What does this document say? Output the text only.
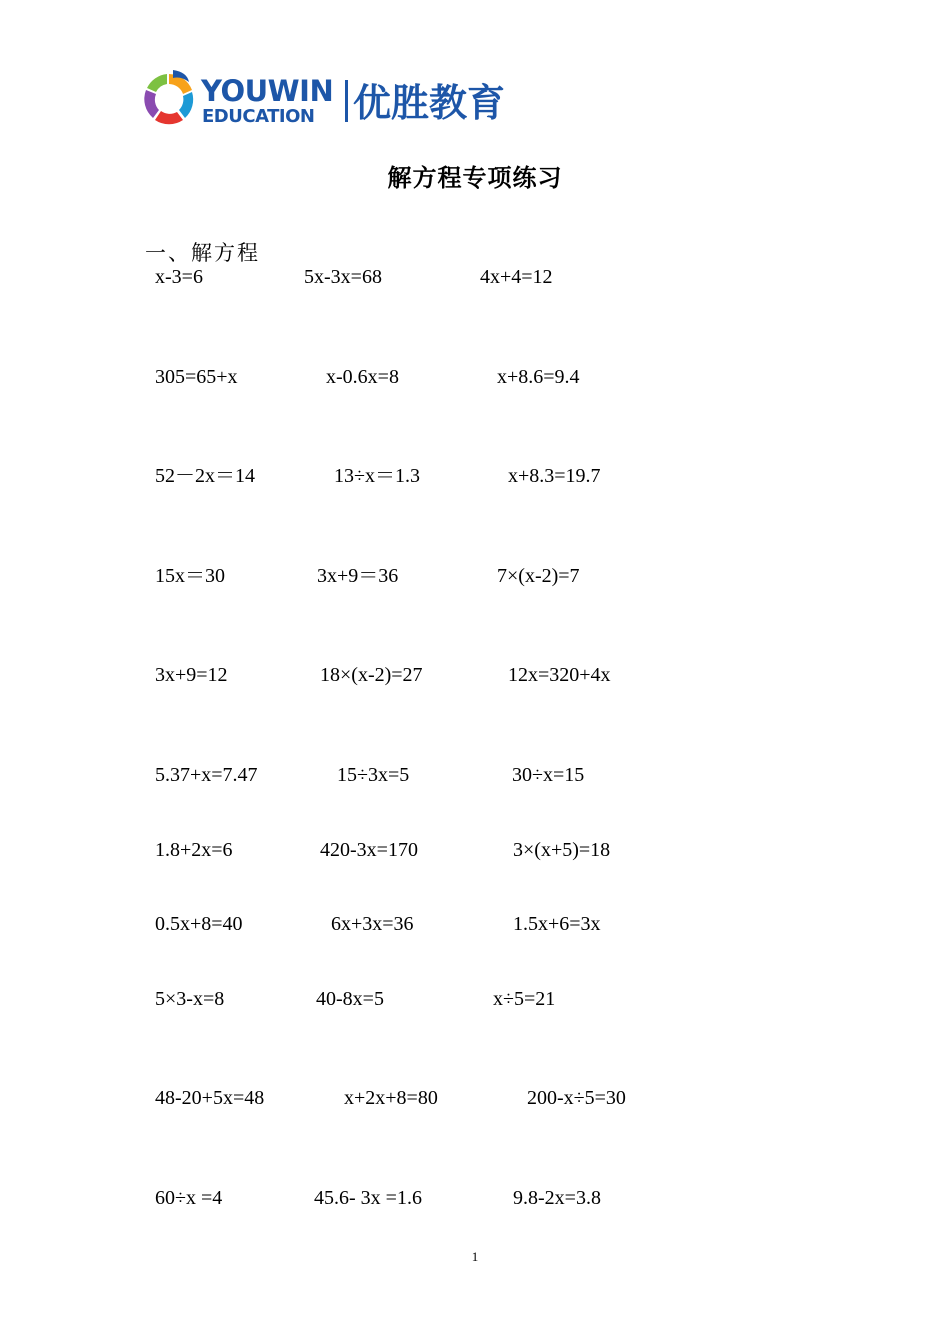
YOUWIN
EDUCATION 优胜教育
解方程专项练习
一、解方程
x-3=6	5x-3x=68	4x+4=12
305=65+x	x-0.6x=8	x+8.6=9.4
52－2x＝14	13÷x＝1.3	x+8.3=19.7
15x＝30	3x+9＝36	7×(x-2)=7
3x+9=12	18×(x-2)=27	12x=320+4x
5.37+x=7.47	15÷3x=5	30÷x=15
1.8+2x=6	420-3x=170	3×(x+5)=18
0.5x+8=40	6x+3x=36	1.5x+6=3x
5×3-x=8	40-8x=5	x÷5=21
48-20+5x=48	x+2x+8=80	200-x÷5=30
60÷x =4	45.6- 3x =1.6	9.8-2x=3.8
1
